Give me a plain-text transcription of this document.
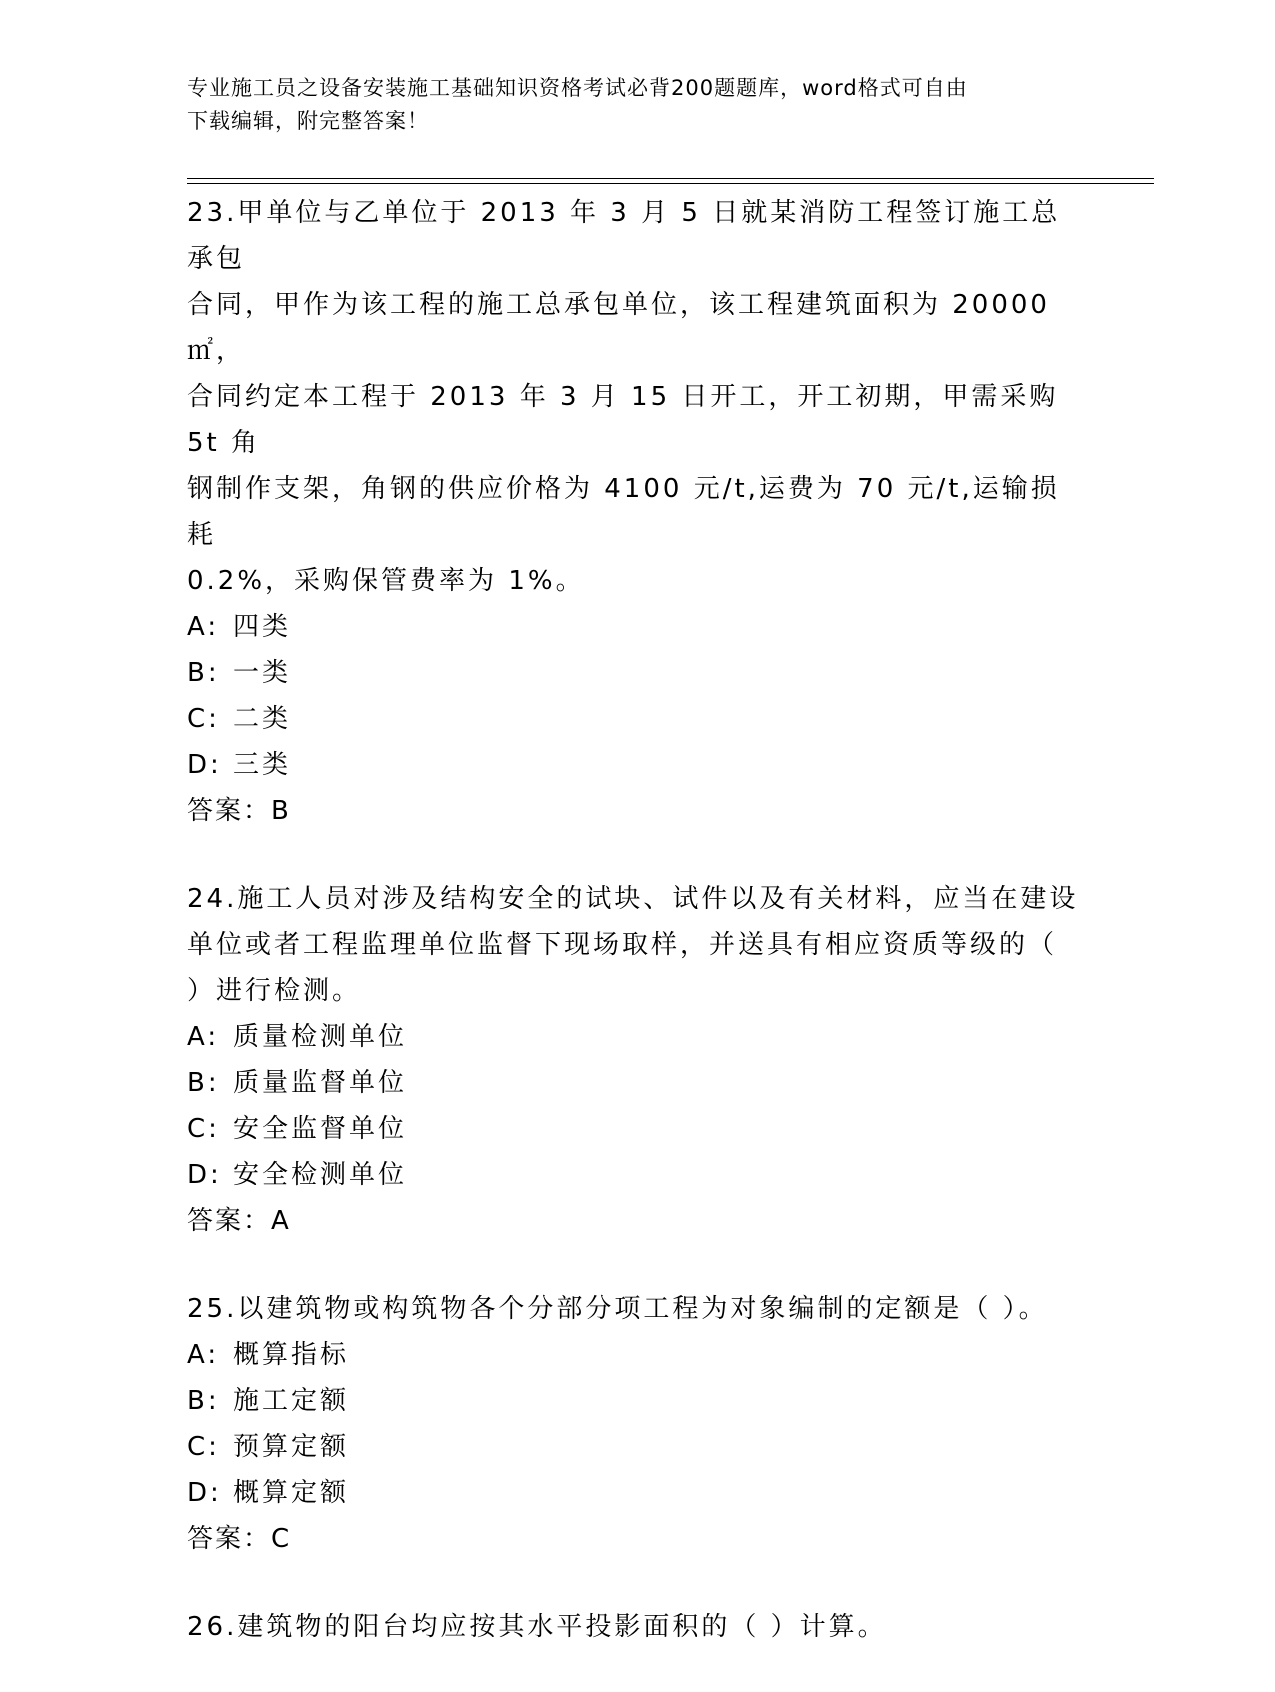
专业施工员之设备安装施工基础知识资格考试必背200题题库，word格式可自由
下载编辑，附完整答案！
23.甲单位与乙单位于 2013 年 3 月 5 日就某消防工程签订施工总承包
合同，甲作为该工程的施工总承包单位，该工程建筑面积为 20000㎡，
合同约定本工程于 2013 年 3 月 15 日开工，开工初期，甲需采购 5t 角
钢制作支架，角钢的供应价格为 4100 元/t,运费为 70 元/t,运输损耗
0.2%，采购保管费率为 1%。
A: 四类
B: 一类
C: 二类
D: 三类
答案：B
24.施工人员对涉及结构安全的试块、试件以及有关材料，应当在建设
单位或者工程监理单位监督下现场取样，并送具有相应资质等级的（
）进行检测。
A: 质量检测单位
B: 质量监督单位
C: 安全监督单位
D: 安全检测单位
答案：A
25.以建筑物或构筑物各个分部分项工程为对象编制的定额是（ ）。
A: 概算指标
B: 施工定额
C: 预算定额
D: 概算定额
答案：C
26.建筑物的阳台均应按其水平投影面积的（ ）计算。
